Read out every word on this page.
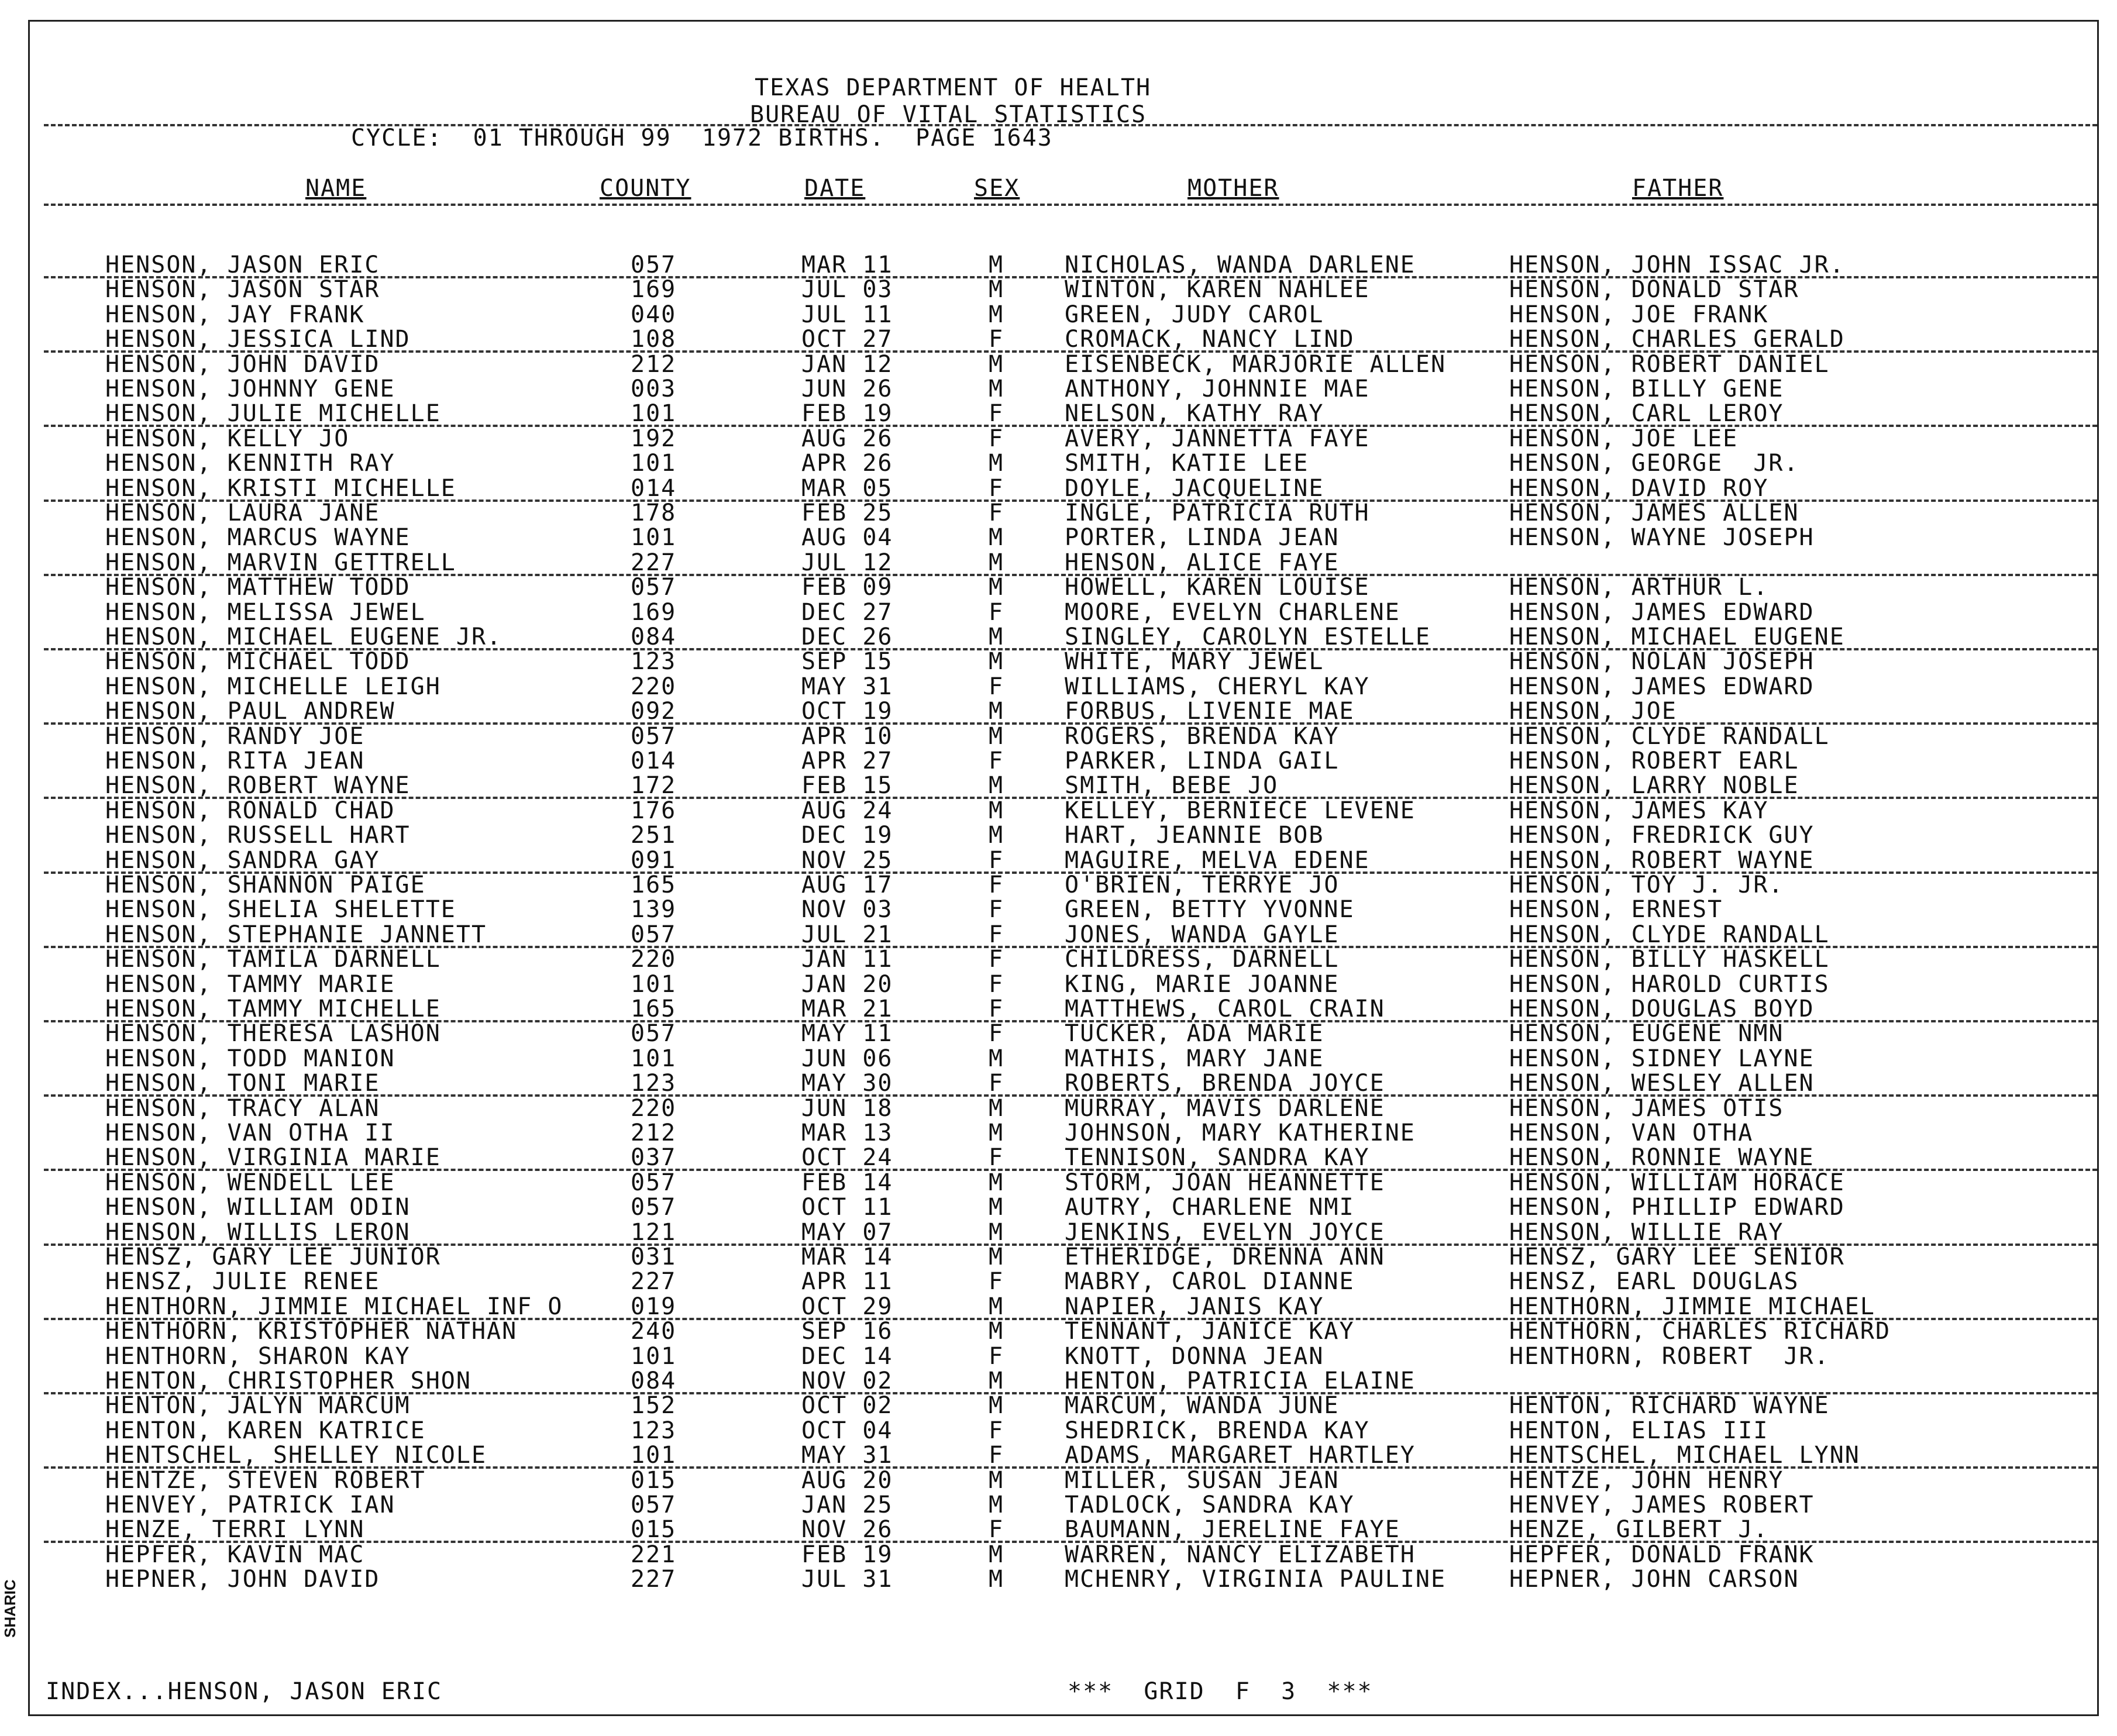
TEXAS DEPARTMENT OF HEALTH
BUREAU OF VITAL STATISTICS
CYCLE:  01 THROUGH 99  1972 BIRTHS.  PAGE 1643
NAME	COUNTY	DATE	SEX	MOTHER	FATHER
HENSON, JASON ERIC	057	MAR 11	M	NICHOLAS, WANDA DARLENE	HENSON, JOHN ISSAC JR.
HENSON, JASON STAR	169	JUL 03	M	WINTON, KAREN NAHLEE	HENSON, DONALD STAR
HENSON, JAY FRANK	040	JUL 11	M	GREEN, JUDY CAROL	HENSON, JOE FRANK
HENSON, JESSICA LIND	108	OCT 27	F	CROMACK, NANCY LIND	HENSON, CHARLES GERALD
HENSON, JOHN DAVID	212	JAN 12	M	EISENBECK, MARJORIE ALLEN	HENSON, ROBERT DANIEL
HENSON, JOHNNY GENE	003	JUN 26	M	ANTHONY, JOHNNIE MAE	HENSON, BILLY GENE
HENSON, JULIE MICHELLE	101	FEB 19	F	NELSON, KATHY RAY	HENSON, CARL LEROY
HENSON, KELLY JO	192	AUG 26	F	AVERY, JANNETTA FAYE	HENSON, JOE LEE
HENSON, KENNITH RAY	101	APR 26	M	SMITH, KATIE LEE	HENSON, GEORGE  JR.
HENSON, KRISTI MICHELLE	014	MAR 05	F	DOYLE, JACQUELINE	HENSON, DAVID ROY
HENSON, LAURA JANE	178	FEB 25	F	INGLE, PATRICIA RUTH	HENSON, JAMES ALLEN
HENSON, MARCUS WAYNE	101	AUG 04	M	PORTER, LINDA JEAN	HENSON, WAYNE JOSEPH
HENSON, MARVIN GETTRELL	227	JUL 12	M	HENSON, ALICE FAYE
HENSON, MATTHEW TODD	057	FEB 09	M	HOWELL, KAREN LOUISE	HENSON, ARTHUR L.
HENSON, MELISSA JEWEL	169	DEC 27	F	MOORE, EVELYN CHARLENE	HENSON, JAMES EDWARD
HENSON, MICHAEL EUGENE JR.	084	DEC 26	M	SINGLEY, CAROLYN ESTELLE	HENSON, MICHAEL EUGENE
HENSON, MICHAEL TODD	123	SEP 15	M	WHITE, MARY JEWEL	HENSON, NOLAN JOSEPH
HENSON, MICHELLE LEIGH	220	MAY 31	F	WILLIAMS, CHERYL KAY	HENSON, JAMES EDWARD
HENSON, PAUL ANDREW	092	OCT 19	M	FORBUS, LIVENIE MAE	HENSON, JOE
HENSON, RANDY JOE	057	APR 10	M	ROGERS, BRENDA KAY	HENSON, CLYDE RANDALL
HENSON, RITA JEAN	014	APR 27	F	PARKER, LINDA GAIL	HENSON, ROBERT EARL
HENSON, ROBERT WAYNE	172	FEB 15	M	SMITH, BEBE JO	HENSON, LARRY NOBLE
HENSON, RONALD CHAD	176	AUG 24	M	KELLEY, BERNIECE LEVENE	HENSON, JAMES KAY
HENSON, RUSSELL HART	251	DEC 19	M	HART, JEANNIE BOB	HENSON, FREDRICK GUY
HENSON, SANDRA GAY	091	NOV 25	F	MAGUIRE, MELVA EDENE	HENSON, ROBERT WAYNE
HENSON, SHANNON PAIGE	165	AUG 17	F	O'BRIEN, TERRYE JO	HENSON, TOY J. JR.
HENSON, SHELIA SHELETTE	139	NOV 03	F	GREEN, BETTY YVONNE	HENSON, ERNEST
HENSON, STEPHANIE JANNETT	057	JUL 21	F	JONES, WANDA GAYLE	HENSON, CLYDE RANDALL
HENSON, TAMILA DARNELL	220	JAN 11	F	CHILDRESS, DARNELL	HENSON, BILLY HASKELL
HENSON, TAMMY MARIE	101	JAN 20	F	KING, MARIE JOANNE	HENSON, HAROLD CURTIS
HENSON, TAMMY MICHELLE	165	MAR 21	F	MATTHEWS, CAROL CRAIN	HENSON, DOUGLAS BOYD
HENSON, THERESA LASHON	057	MAY 11	F	TUCKER, ADA MARIE	HENSON, EUGENE NMN
HENSON, TODD MANION	101	JUN 06	M	MATHIS, MARY JANE	HENSON, SIDNEY LAYNE
HENSON, TONI MARIE	123	MAY 30	F	ROBERTS, BRENDA JOYCE	HENSON, WESLEY ALLEN
HENSON, TRACY ALAN	220	JUN 18	M	MURRAY, MAVIS DARLENE	HENSON, JAMES OTIS
HENSON, VAN OTHA II	212	MAR 13	M	JOHNSON, MARY KATHERINE	HENSON, VAN OTHA
HENSON, VIRGINIA MARIE	037	OCT 24	F	TENNISON, SANDRA KAY	HENSON, RONNIE WAYNE
HENSON, WENDELL LEE	057	FEB 14	M	STORM, JOAN HEANNETTE	HENSON, WILLIAM HORACE
HENSON, WILLIAM ODIN	057	OCT 11	M	AUTRY, CHARLENE NMI	HENSON, PHILLIP EDWARD
HENSON, WILLIS LERON	121	MAY 07	M	JENKINS, EVELYN JOYCE	HENSON, WILLIE RAY
HENSZ, GARY LEE JUNIOR	031	MAR 14	M	ETHERIDGE, DRENNA ANN	HENSZ, GARY LEE SENIOR
HENSZ, JULIE RENEE	227	APR 11	F	MABRY, CAROL DIANNE	HENSZ, EARL DOUGLAS
HENTHORN, JIMMIE MICHAEL INF O	019	OCT 29	M	NAPIER, JANIS KAY	HENTHORN, JIMMIE MICHAEL
HENTHORN, KRISTOPHER NATHAN	240	SEP 16	M	TENNANT, JANICE KAY	HENTHORN, CHARLES RICHARD
HENTHORN, SHARON KAY	101	DEC 14	F	KNOTT, DONNA JEAN	HENTHORN, ROBERT  JR.
HENTON, CHRISTOPHER SHON	084	NOV 02	M	HENTON, PATRICIA ELAINE
HENTON, JALYN MARCUM	152	OCT 02	M	MARCUM, WANDA JUNE	HENTON, RICHARD WAYNE
HENTON, KAREN KATRICE	123	OCT 04	F	SHEDRICK, BRENDA KAY	HENTON, ELIAS III
HENTSCHEL, SHELLEY NICOLE	101	MAY 31	F	ADAMS, MARGARET HARTLEY	HENTSCHEL, MICHAEL LYNN
HENTZE, STEVEN ROBERT	015	AUG 20	M	MILLER, SUSAN JEAN	HENTZE, JOHN HENRY
HENVEY, PATRICK IAN	057	JAN 25	M	TADLOCK, SANDRA KAY	HENVEY, JAMES ROBERT
HENZE, TERRI LYNN	015	NOV 26	F	BAUMANN, JERELINE FAYE	HENZE, GILBERT J.
HEPFER, KAVIN MAC	221	FEB 19	M	WARREN, NANCY ELIZABETH	HEPFER, DONALD FRANK
HEPNER, JOHN DAVID	227	JUL 31	M	MCHENRY, VIRGINIA PAULINE	HEPNER, JOHN CARSON
INDEX...HENSON, JASON ERIC	***  GRID  F  3  ***
SHARIC
